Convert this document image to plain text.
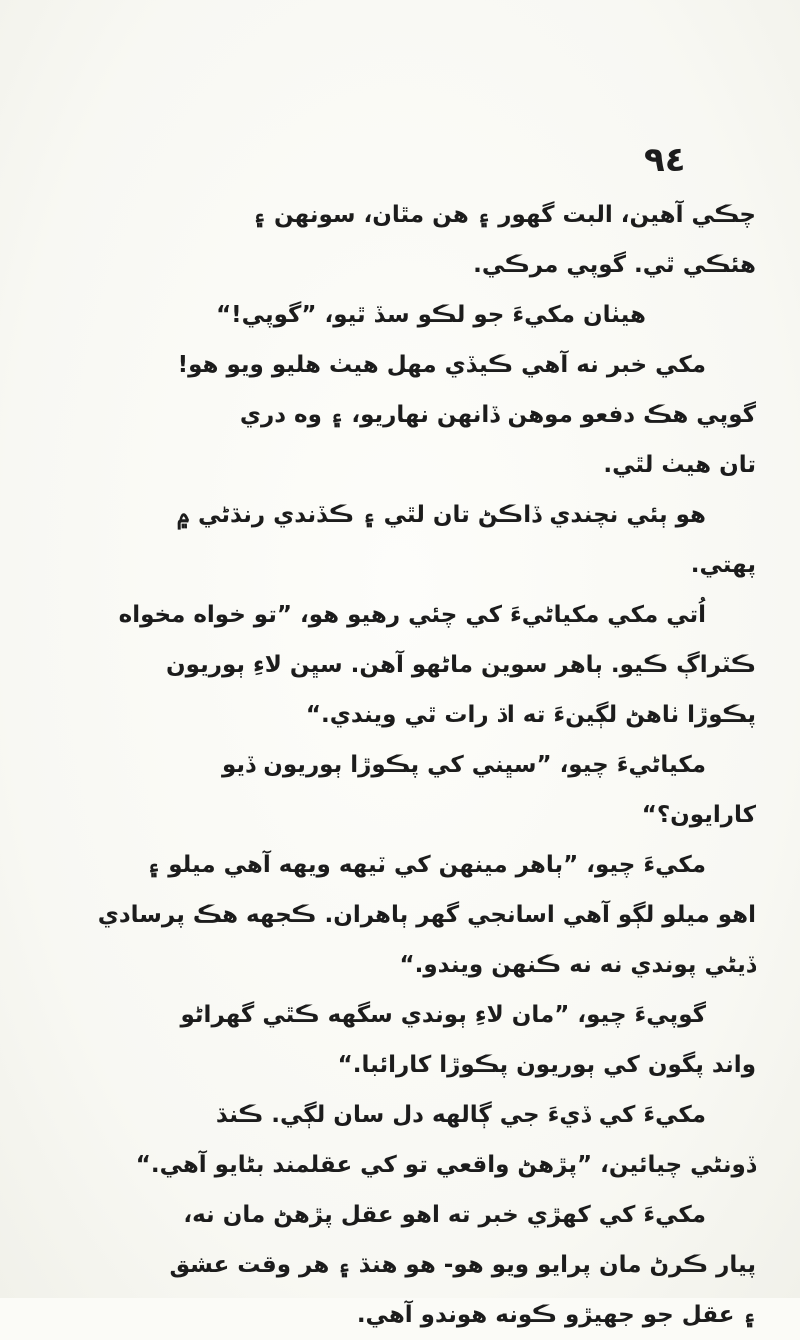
٩٤
چڪي آهين، البت گهور ۽ هن مٿان، سونهن ۽
هئڪي ٿي. گوپي مرڪي.
هيٺان مکيءَ جو لڪو سڏ ٿيو، ”گوپي!“
مکي خبر نه آهي ڪيڏي مهل هيٺ هليو ويو هو!
گوپي هڪ دفعو موهن ڏانهن نهاريو، ۽ وه دري
تان هيٺ لٿي.
هو ٻئي نچندي ڏاڪڻ تان لٿي ۽ ڪڏندي رنڌڻي ۾
پهتي.
اُتي مکي مکياڻيءَ کي چئي رهيو هو، ”تو خواه مخواه
ڪٽراڳ ڪيو. ٻاهر سوين ماڻهو آهن. سڀن لاءِ ٻوريون
پڪوڙا ٺاهڻ لڳينءَ ته اڌ رات ٿي ويندي.“
مکياڻيءَ چيو، ”سڀني کي پڪوڙا ٻوريون ڏيو
کارايون؟“
مکيءَ چيو، ”ٻاهر مينهن کي ٽيهه ويهه آهي ميلو ۽
اهو ميلو لڳو آهي اسانجي گهر ٻاهران. ڪجهه هڪ پرسادي
ڏيڻي پوندي نه نه ڪنهن ويندو.“
گوپيءَ چيو، ”مان لاءِ ٻوندي سگهه ڪٿي گهراڻو
واند پگون کي ٻوريون پڪوڙا کارائبا.“
مکيءَ کي ڏيءَ جي ڳالهه دل سان لڳي. ڪنڌ
ڏونڻي چيائين، ”پڙهڻ واقعي تو کي عقلمند بڻايو آهي.“
مکيءَ کي کهڙي خبر ته اهو عقل پڙهڻ مان نه،
پيار ڪرڻ مان پرايو ويو هو- هو هنڌ ۽ هر وقت عشق
۽ عقل جو جهيڙو ڪونه هوندو آهي.
